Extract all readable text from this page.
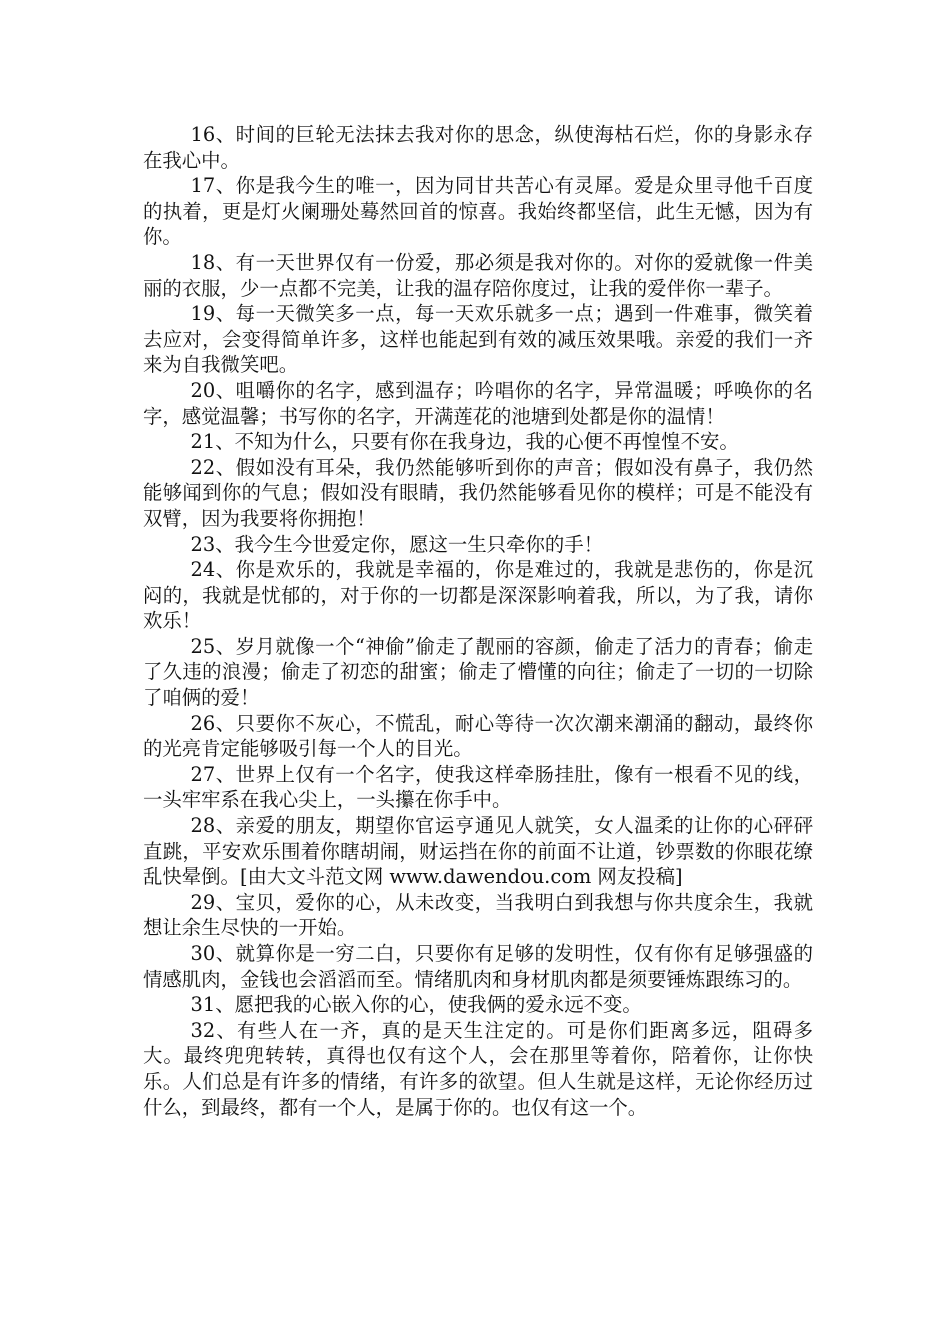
16、时间的巨轮无法抹去我对你的思念，纵使海枯石烂，你的身影永存在我心中。

17、你是我今生的唯一，因为同甘共苦心有灵犀。爱是众里寻他千百度的执着，更是灯火阑珊处蓦然回首的惊喜。我始终都坚信，此生无憾，因为有你。

18、有一天世界仅有一份爱，那必须是我对你的。对你的爱就像一件美丽的衣服，少一点都不完美，让我的温存陪你度过，让我的爱伴你一辈子。

19、每一天微笑多一点，每一天欢乐就多一点；遇到一件难事，微笑着去应对，会变得简单许多，这样也能起到有效的减压效果哦。亲爱的我们一齐来为自我微笑吧。

20、咀嚼你的名字，感到温存；吟唱你的名字，异常温暖；呼唤你的名字，感觉温馨；书写你的名字，开满莲花的池塘到处都是你的温情！

21、不知为什么，只要有你在我身边，我的心便不再惶惶不安。

22、假如没有耳朵，我仍然能够听到你的声音；假如没有鼻子，我仍然能够闻到你的气息；假如没有眼睛，我仍然能够看见你的模样；可是不能没有双臂，因为我要将你拥抱！

23、我今生今世爱定你，愿这一生只牵你的手！

24、你是欢乐的，我就是幸福的，你是难过的，我就是悲伤的，你是沉闷的，我就是忧郁的，对于你的一切都是深深影响着我，所以，为了我，请你欢乐！

25、岁月就像一个“神偷”偷走了靓丽的容颜，偷走了活力的青春；偷走了久违的浪漫；偷走了初恋的甜蜜；偷走了懵懂的向往；偷走了一切的一切除了咱俩的爱！

26、只要你不灰心，不慌乱，耐心等待一次次潮来潮涌的翻动，最终你的光亮肯定能够吸引每一个人的目光。

27、世界上仅有一个名字，使我这样牵肠挂肚，像有一根看不见的线，一头牢牢系在我心尖上，一头攥在你手中。

28、亲爱的朋友，期望你官运亨通见人就笑，女人温柔的让你的心砰砰直跳，平安欢乐围着你瞎胡闹，财运挡在你的前面不让道，钞票数的你眼花缭乱快晕倒。[由大文斗范文网 www.dawendou.com 网友投稿]

29、宝贝，爱你的心，从未改变，当我明白到我想与你共度余生，我就想让余生尽快的一开始。

30、就算你是一穷二白，只要你有足够的发明性，仅有你有足够强盛的情感肌肉，金钱也会滔滔而至。情绪肌肉和身材肌肉都是须要锤炼跟练习的。

31、愿把我的心嵌入你的心，使我俩的爱永远不变。

32、有些人在一齐，真的是天生注定的。可是你们距离多远，阻碍多大。最终兜兜转转，真得也仅有这个人，会在那里等着你，陪着你，让你快乐。人们总是有许多的情绪，有许多的欲望。但人生就是这样，无论你经历过什么，到最终，都有一个人，是属于你的。也仅有这一个。
